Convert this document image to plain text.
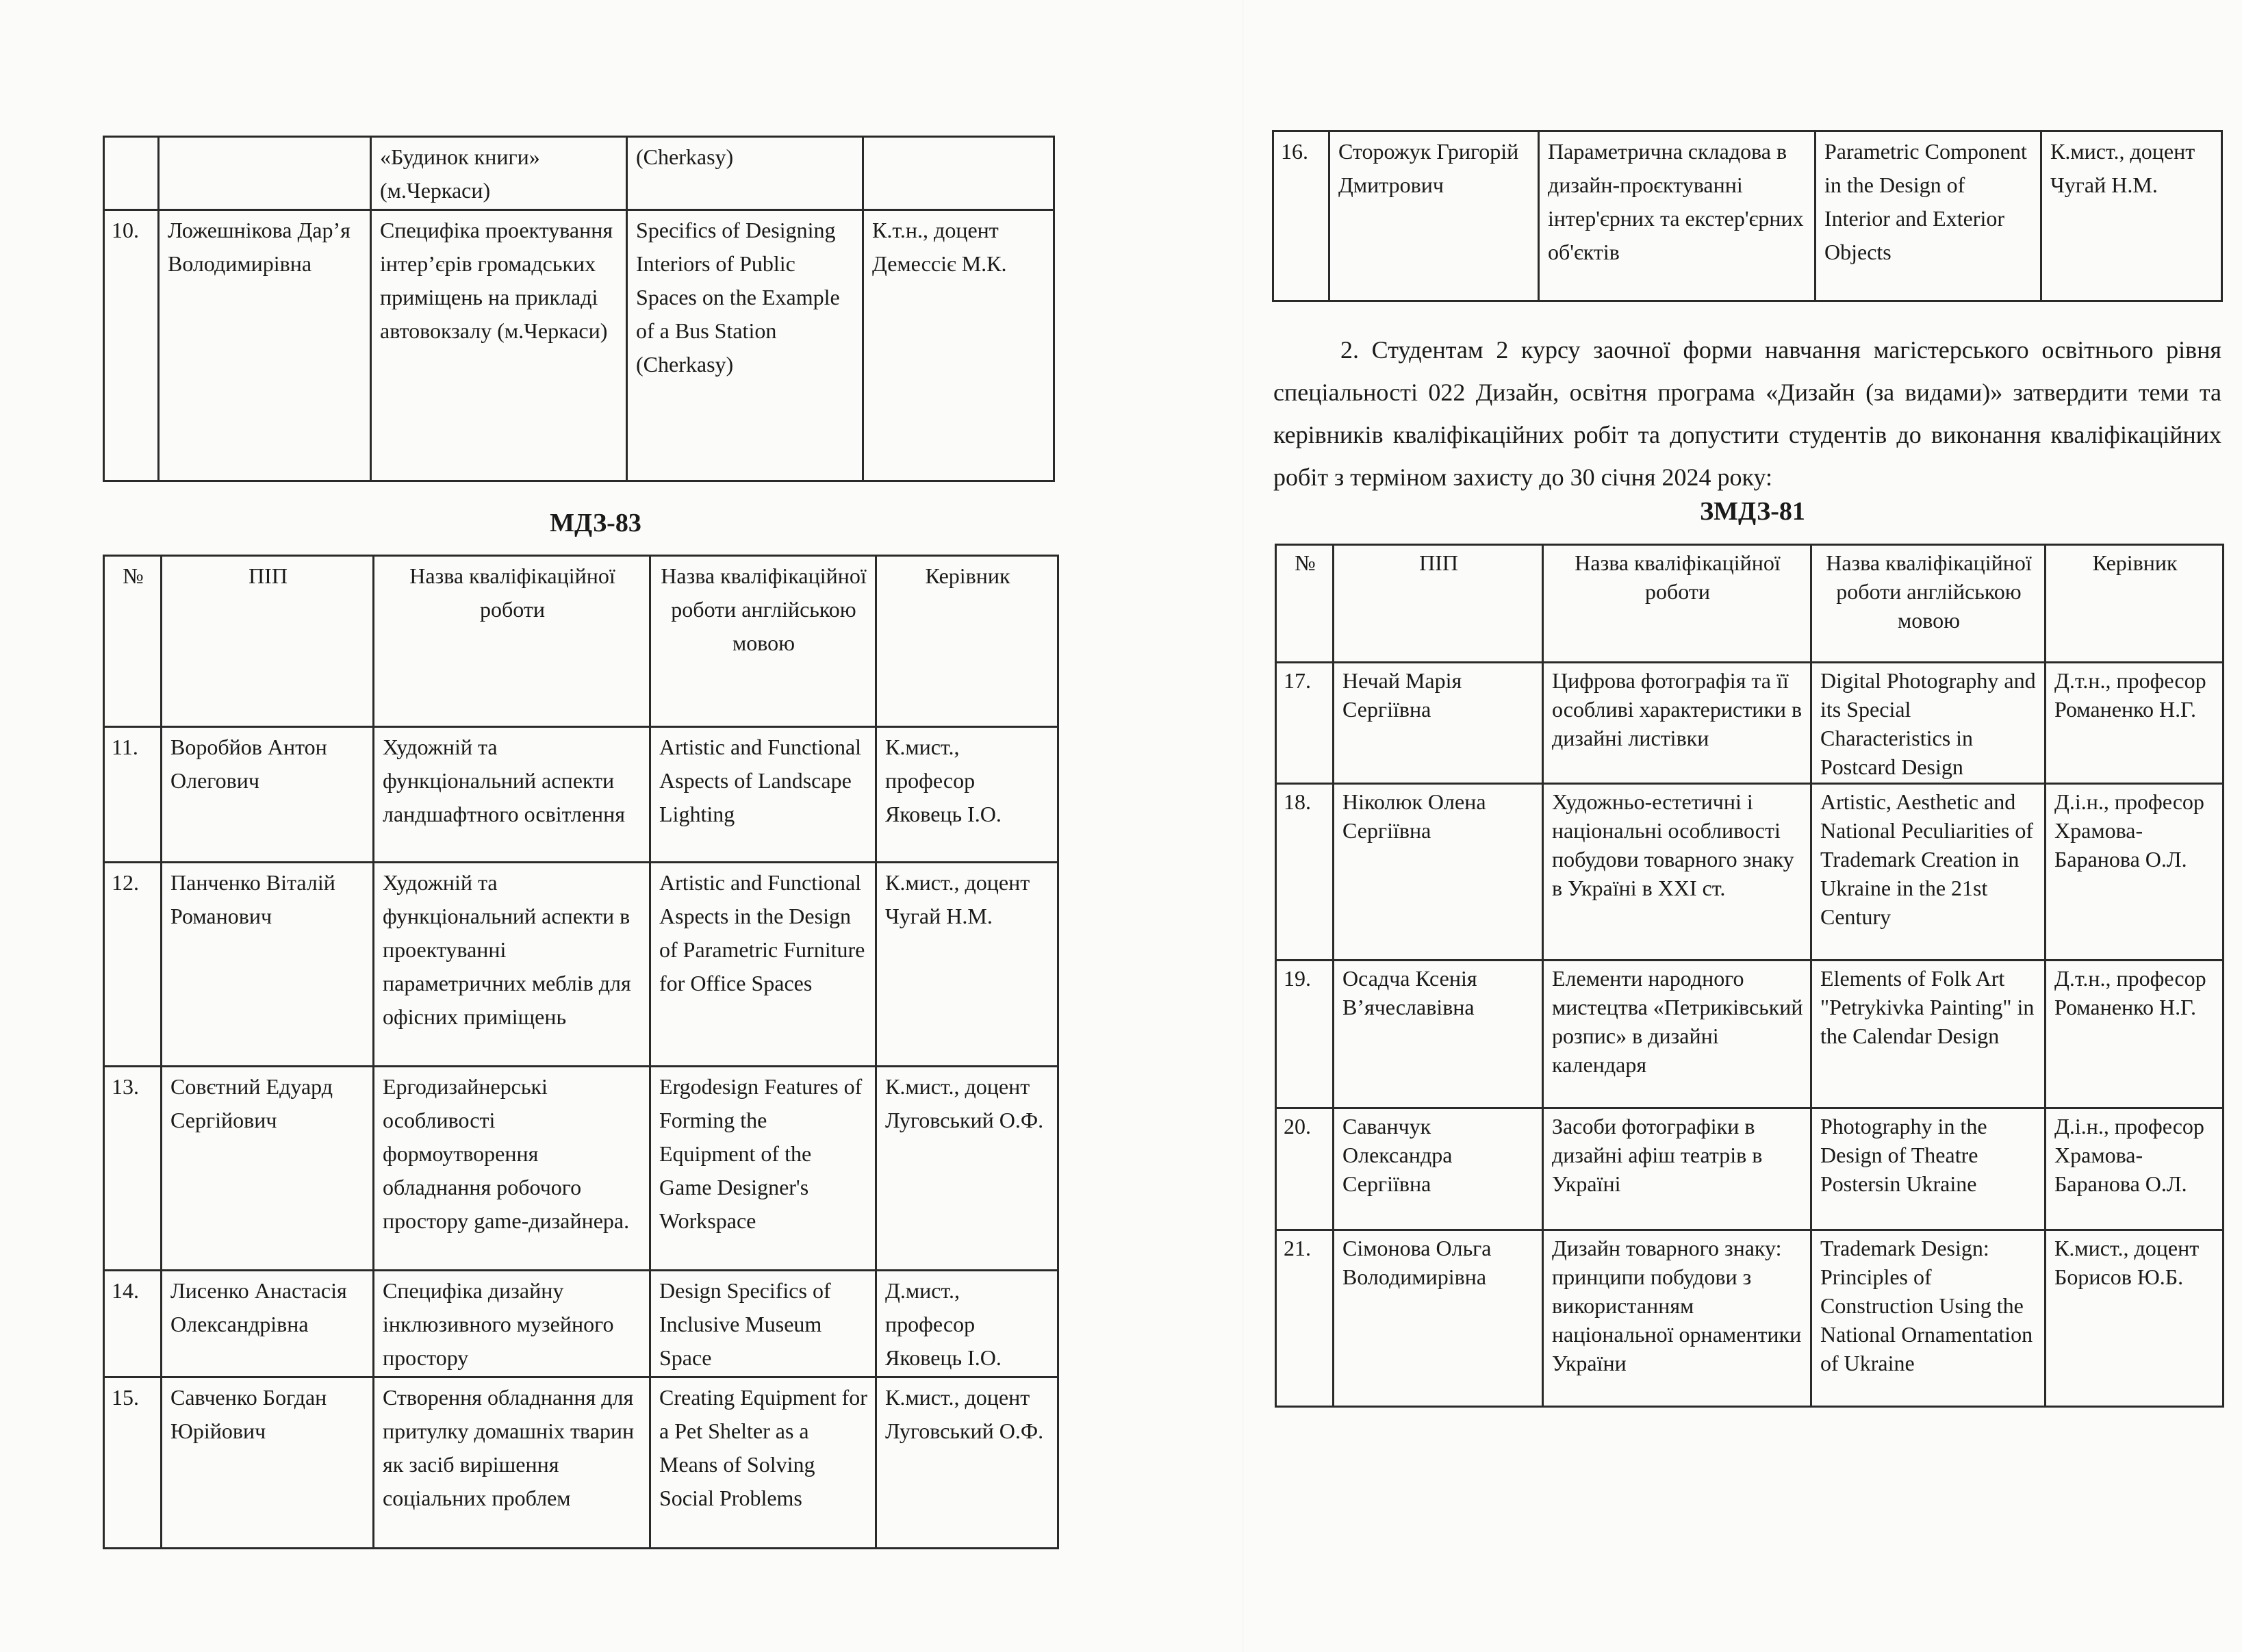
		«Будинок книги» (м.Черкаси)	(Cherkasy)	
10.	Ложешнікова Дар’я Володимирівна	Специфіка проектування інтер’єрів громадських приміщень на прикладі автовокзалу (м.Черкаси)	Specifics of Designing Interiors of Public Spaces on the Example of a Bus Station (Cherkasy)	К.т.н., доцент Демессіє М.К.
МДЗ-83
№	ПІП	Назва кваліфікаційної роботи	Назва кваліфікаційної роботи англійською мовою	Керівник
11.	Воробйов Антон Олегович	Художній та функціональний аспекти ландшафтного освітлення	Artistic and Functional Aspects of Landscape Lighting	К.мист., професор Яковець І.О.
12.	Панченко Віталій Романович	Художній та функціональний аспекти в проектуванні параметричних меблів для офісних приміщень	Artistic and Functional Aspects in the Design of Parametric Furniture for Office Spaces	К.мист., доцент Чугай Н.М.
13.	Совєтний Едуард Сергійович	Ергодизайнерські особливості формоутворення обладнання робочого простору game-дизайнера.	Ergodesign Features of Forming the Equipment of the Game Designer's Workspace	К.мист., доцент Луговський О.Ф.
14.	Лисенко Анастасія Олександрівна	Специфіка дизайну інклюзивного музейного простору	Design Specifics of Inclusive Museum Space	Д.мист., професор Яковець І.О.
15.	Савченко Богдан Юрійович	Створення обладнання для притулку домашніх тварин як засіб вирішення соціальних проблем	Creating Equipment for a Pet Shelter as a Means of Solving Social Problems	К.мист., доцент Луговський О.Ф.
16.	Сторожук Григорій Дмитрович	Параметрична складова в дизайн-проєктуванні інтер'єрних та екстер'єрних об'єктів	Parametric Component in the Design of Interior and Exterior Objects	К.мист., доцент Чугай Н.М.

2. Студентам 2 курсу заочної форми навчання магістерського освітнього рівня спеціальності 022 Дизайн, освітня програма «Дизайн (за видами)» затвердити теми та керівників кваліфікаційних робіт та допустити студентів до виконання кваліфікаційних робіт з терміном захисту до 30 січня 2024 року:

ЗМДЗ-81
№	ПІП	Назва кваліфікаційної роботи	Назва кваліфікаційної роботи англійською мовою	Керівник
17.	Нечай Марія Сергіївна	Цифрова фотографія та її особливі характеристики в дизайні листівки	Digital Photography and its Special Characteristics in Postcard Design	Д.т.н., професор Романенко Н.Г.
18.	Ніколюк Олена Сергіївна	Художньо-естетичні і національні особливості побудови товарного знаку в Україні в XXI ст.	Artistic, Aesthetic and National Peculiarities of Trademark Creation in Ukraine in the 21st Century	Д.і.н., професор Храмова-Баранова О.Л.
19.	Осадча Ксенія В’ячеславівна	Елементи народного мистецтва «Петриківський розпис» в дизайні календаря	Elements of Folk Art "Petrykivka Painting" in the Calendar Design	Д.т.н., професор Романенко Н.Г.
20.	Саванчук Олександра Сергіївна	Засоби фотографіки в дизайні афіш театрів в Україні	Photography in the Design of Theatre Postersin Ukraine	Д.і.н., професор Храмова-Баранова О.Л.
21.	Сімонова Ольга Володимирівна	Дизайн товарного знаку: принципи побудови з використанням національної орнаментики України	Trademark Design: Principles of Construction Using the National Ornamentation of Ukraine	К.мист., доцент Борисов Ю.Б.
